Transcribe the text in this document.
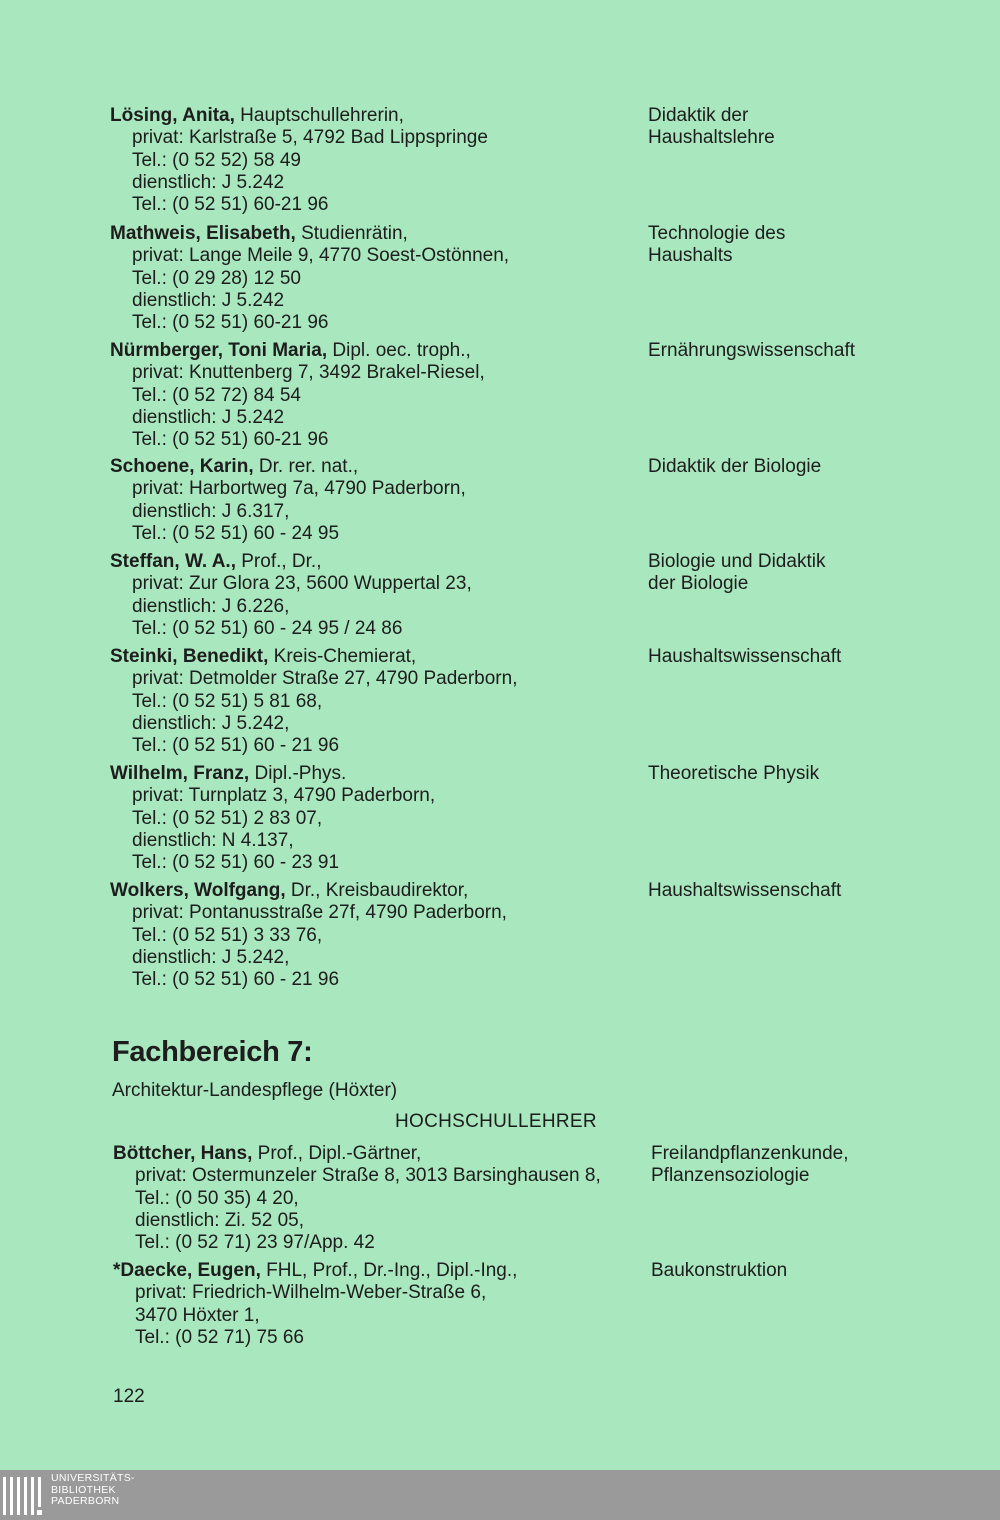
Lösing, Anita, Hauptschullehrerin,
privat: Karlstraße 5, 4792 Bad Lippspringe
Tel.: (0 52 52) 58 49
dienstlich: J 5.242
Tel.: (0 52 51) 60-21 96
Didaktik der
Haushaltslehre
Mathweis, Elisabeth, Studienrätin,
privat: Lange Meile 9, 4770 Soest-Ostönnen,
Tel.: (0 29 28) 12 50
dienstlich: J 5.242
Tel.: (0 52 51) 60-21 96
Technologie des
Haushalts
Nürmberger, Toni Maria, Dipl. oec. troph.,
privat: Knuttenberg 7, 3492 Brakel-Riesel,
Tel.: (0 52 72) 84 54
dienstlich: J 5.242
Tel.: (0 52 51) 60-21 96
Ernährungswissenschaft
Schoene, Karin, Dr. rer. nat.,
privat: Harbortweg 7a, 4790 Paderborn,
dienstlich: J 6.317,
Tel.: (0 52 51) 60 - 24 95
Didaktik der Biologie
Steffan, W. A., Prof., Dr.,
privat: Zur Glora 23, 5600 Wuppertal 23,
dienstlich: J 6.226,
Tel.: (0 52 51) 60 - 24 95 / 24 86
Biologie und Didaktik
der Biologie
Steinki, Benedikt, Kreis-Chemierat,
privat: Detmolder Straße 27, 4790 Paderborn,
Tel.: (0 52 51) 5 81 68,
dienstlich: J 5.242,
Tel.: (0 52 51) 60 - 21 96
Haushaltswissenschaft
Wilhelm, Franz, Dipl.-Phys.
privat: Turnplatz 3, 4790 Paderborn,
Tel.: (0 52 51) 2 83 07,
dienstlich: N 4.137,
Tel.: (0 52 51) 60 - 23 91
Theoretische Physik
Wolkers, Wolfgang, Dr., Kreisbaudirektor,
privat: Pontanusstraße 27f, 4790 Paderborn,
Tel.: (0 52 51) 3 33 76,
dienstlich: J 5.242,
Tel.: (0 52 51) 60 - 21 96
Haushaltswissenschaft
Fachbereich 7:
Architektur-Landespflege (Höxter)
HOCHSCHULLEHRER
Böttcher, Hans, Prof., Dipl.-Gärtner,
privat: Ostermunzeler Straße 8, 3013 Barsinghausen 8,
Tel.: (0 50 35) 4 20,
dienstlich: Zi. 52 05,
Tel.: (0 52 71) 23 97/App. 42
Freilandpflanzenkunde,
Pflanzensoziologie
*Daecke, Eugen, FHL, Prof., Dr.-Ing., Dipl.-Ing.,
privat: Friedrich-Wilhelm-Weber-Straße 6,
3470 Höxter 1,
Tel.: (0 52 71) 75 66
Baukonstruktion
122
UNIVERSITÄTS-
BIBLIOTHEK
PADERBORN
